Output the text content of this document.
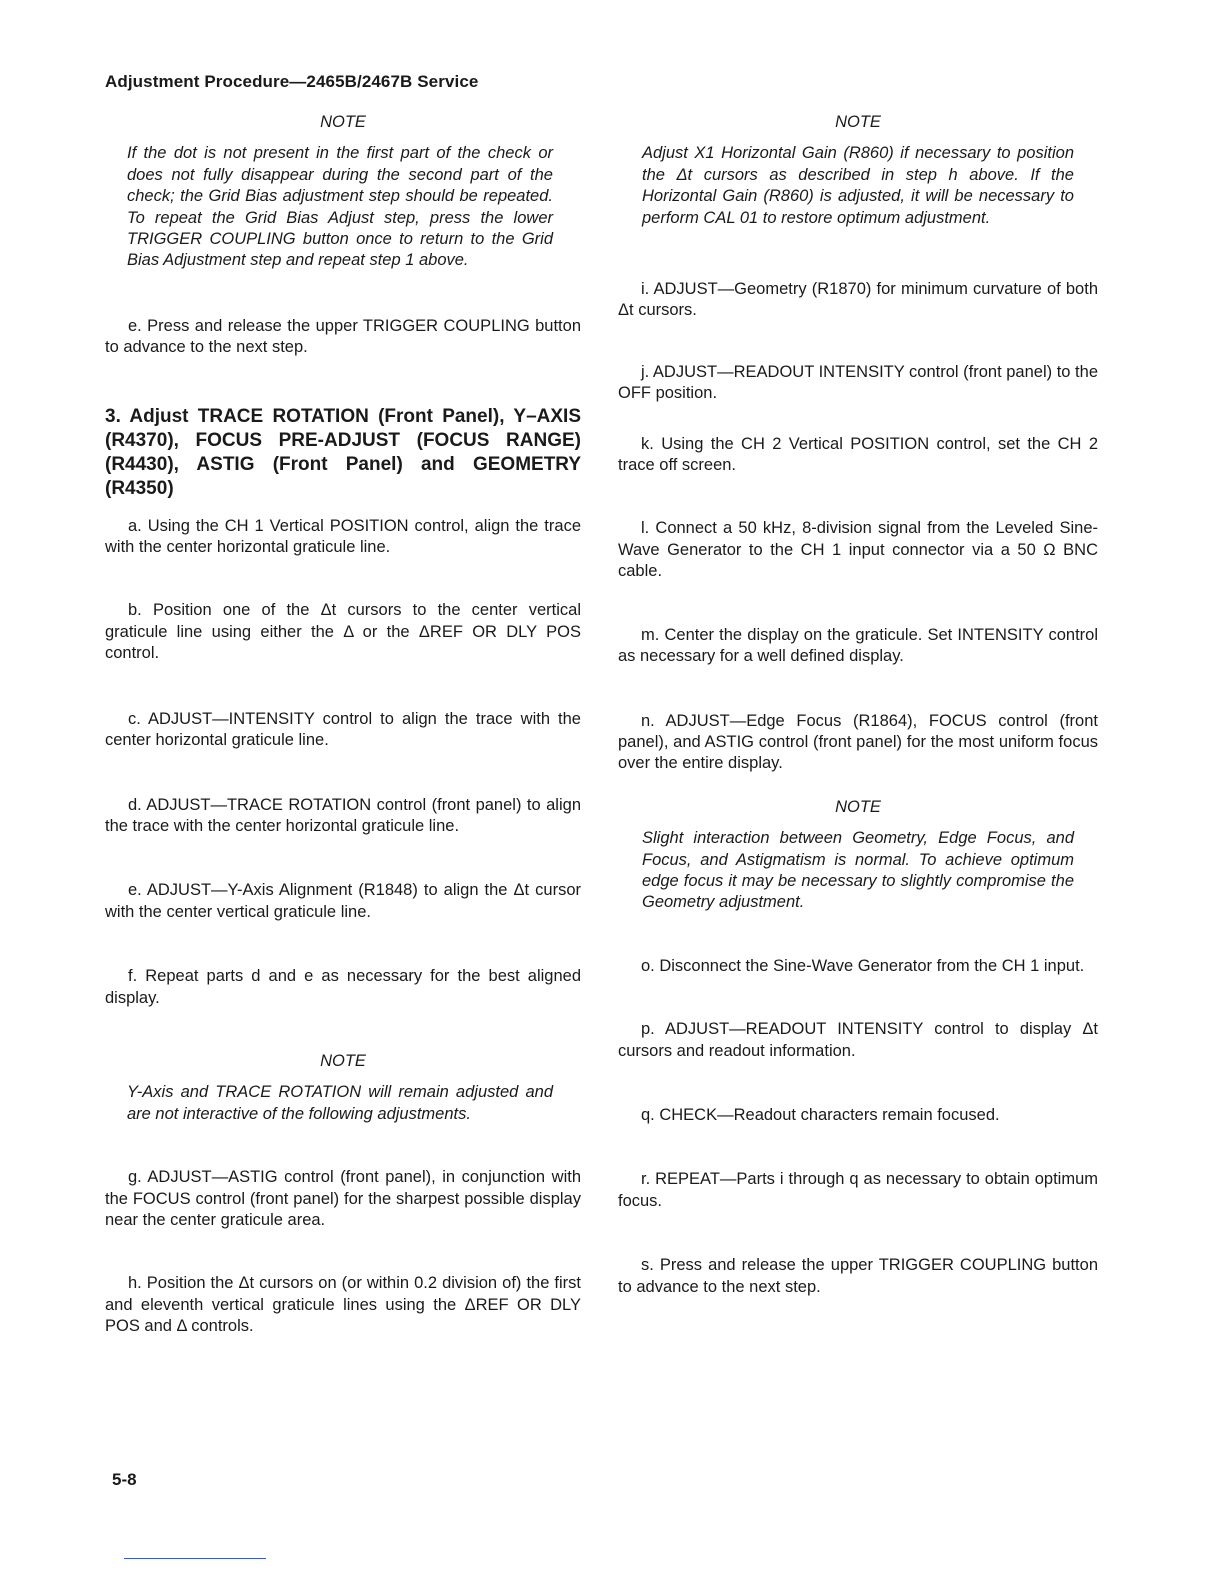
Adjustment Procedure—2465B/2467B Service

NOTE

If the dot is not present in the first part of the check or does not fully disappear during the second part of the check; the Grid Bias adjustment step should be repeated. To repeat the Grid Bias Adjust step, press the lower TRIGGER COUPLING button once to return to the Grid Bias Adjustment step and repeat step 1 above.

e. Press and release the upper TRIGGER COUPLING button to advance to the next step.

3. Adjust TRACE ROTATION (Front Panel), Y–AXIS (R4370), FOCUS PRE-ADJUST (FOCUS RANGE) (R4430), ASTIG (Front Panel) and GEOMETRY (R4350)

a. Using the CH 1 Vertical POSITION control, align the trace with the center horizontal graticule line.

b. Position one of the Δt cursors to the center vertical graticule line using either the Δ or the ΔREF OR DLY POS control.

c. ADJUST—INTENSITY control to align the trace with the center horizontal graticule line.

d. ADJUST—TRACE ROTATION control (front panel) to align the trace with the center horizontal graticule line.

e. ADJUST—Y-Axis Alignment (R1848) to align the Δt cursor with the center vertical graticule line.

f. Repeat parts d and e as necessary for the best aligned display.

NOTE

Y-Axis and TRACE ROTATION will remain adjusted and are not interactive of the following adjustments.

g. ADJUST—ASTIG control (front panel), in conjunction with the FOCUS control (front panel) for the sharpest possible display near the center graticule area.

h. Position the Δt cursors on (or within 0.2 division of) the first and eleventh vertical graticule lines using the ΔREF OR DLY POS and Δ controls.

NOTE

Adjust X1 Horizontal Gain (R860) if necessary to position the Δt cursors as described in step h above. If the Horizontal Gain (R860) is adjusted, it will be necessary to perform CAL 01 to restore optimum adjustment.

i. ADJUST—Geometry (R1870) for minimum curvature of both Δt cursors.

j. ADJUST—READOUT INTENSITY control (front panel) to the OFF position.

k. Using the CH 2 Vertical POSITION control, set the CH 2 trace off screen.

l. Connect a 50 kHz, 8-division signal from the Leveled Sine-Wave Generator to the CH 1 input connector via a 50 Ω BNC cable.

m. Center the display on the graticule. Set INTENSITY control as necessary for a well defined display.

n. ADJUST—Edge Focus (R1864), FOCUS control (front panel), and ASTIG control (front panel) for the most uniform focus over the entire display.

NOTE

Slight interaction between Geometry, Edge Focus, and Focus, and Astigmatism is normal. To achieve optimum edge focus it may be necessary to slightly compromise the Geometry adjustment.

o. Disconnect the Sine-Wave Generator from the CH 1 input.

p. ADJUST—READOUT INTENSITY control to display Δt cursors and readout information.

q. CHECK—Readout characters remain focused.

r. REPEAT—Parts i through q as necessary to obtain optimum focus.

s. Press and release the upper TRIGGER COUPLING button to advance to the next step.

5-8
